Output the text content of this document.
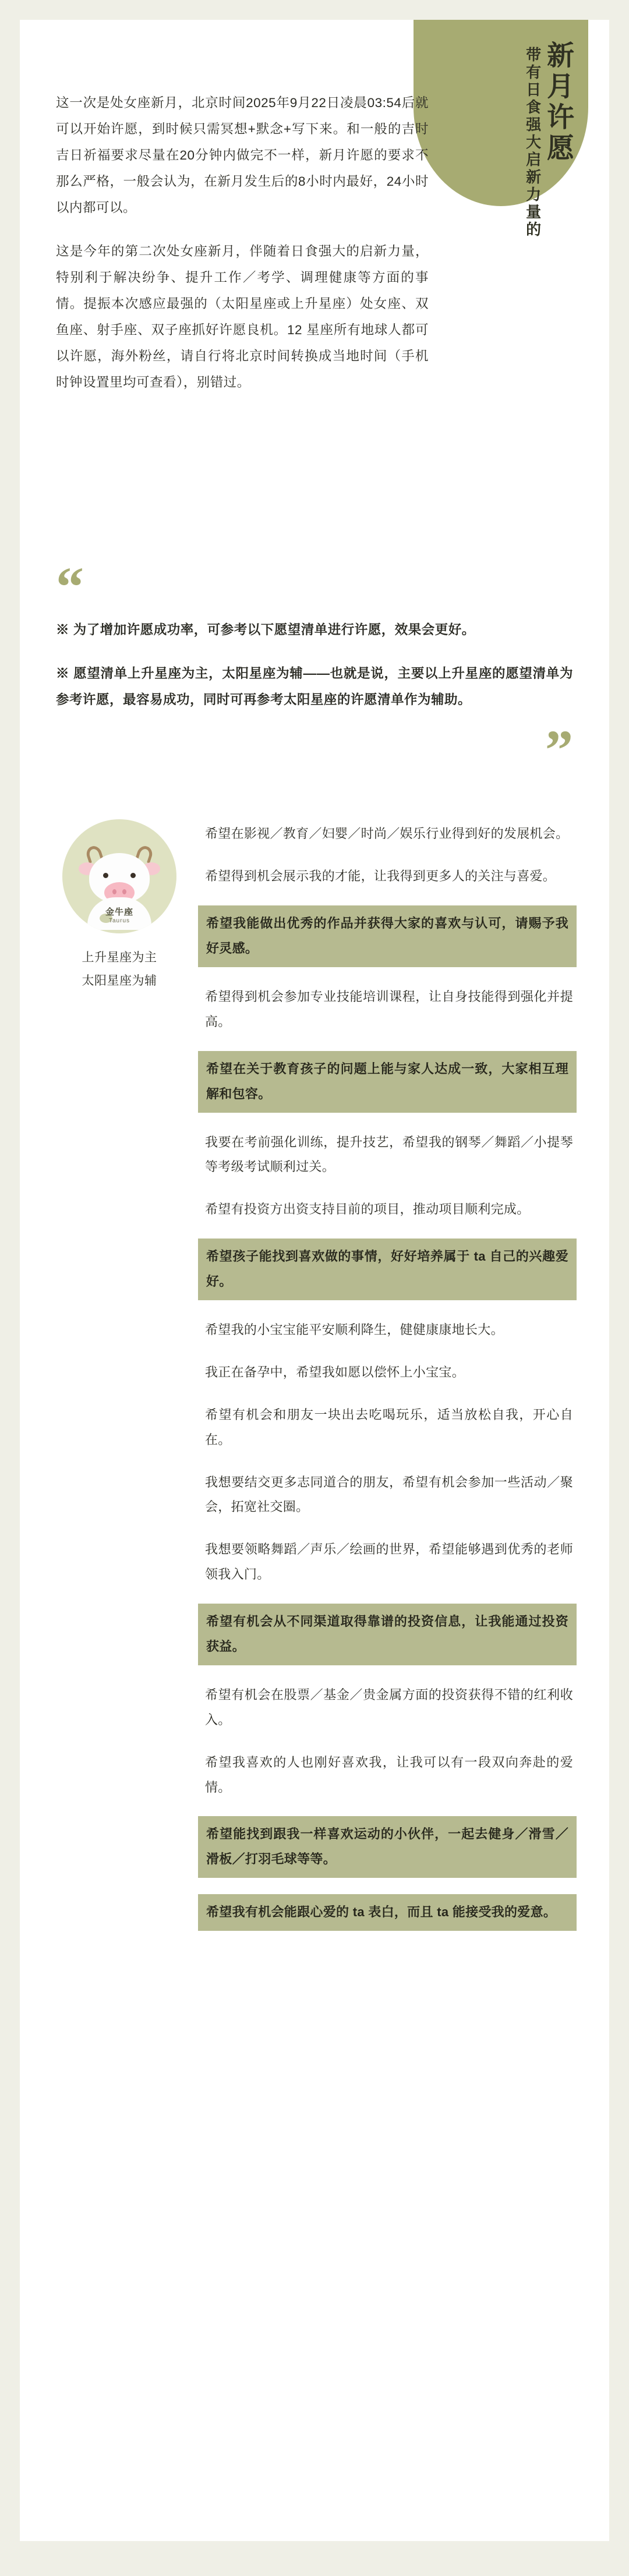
新月许愿
带有日食强大启新力量的

这一次是处女座新月，北京时间2025年9月22日凌晨03:54后就可以开始许愿，到时候只需冥想+默念+写下来。和一般的吉时吉日祈福要求尽量在20分钟内做完不一样，新月许愿的要求不那么严格，一般会认为，在新月发生后的8小时内最好，24小时以内都可以。

这是今年的第二次处女座新月，伴随着日食强大的启新力量，特别利于解决纷争、提升工作／考学、调理健康等方面的事情。提振本次感应最强的（太阳星座或上升星座）处女座、双鱼座、射手座、双子座抓好许愿良机。12 星座所有地球人都可以许愿，海外粉丝，请自行将北京时间转换成当地时间（手机时钟设置里均可查看），别错过。

“

※ 为了增加许愿成功率，可参考以下愿望清单进行许愿，效果会更好。

※ 愿望清单上升星座为主，太阳星座为辅——也就是说，主要以上升星座的愿望清单为参考许愿，最容易成功，同时可再参考太阳星座的许愿清单作为辅助。

”
金牛座
Taurus
上升星座为主
太阳星座为辅
希望在影视／教育／妇婴／时尚／娱乐行业得到好的发展机会。
希望得到机会展示我的才能，让我得到更多人的关注与喜爱。
希望我能做出优秀的作品并获得大家的喜欢与认可，请赐予我好灵感。
希望得到机会参加专业技能培训课程，让自身技能得到强化并提高。
希望在关于教育孩子的问题上能与家人达成一致，大家相互理解和包容。
我要在考前强化训练，提升技艺，希望我的钢琴／舞蹈／小提琴等考级考试顺利过关。
希望有投资方出资支持目前的项目，推动项目顺利完成。
希望孩子能找到喜欢做的事情，好好培养属于 ta 自己的兴趣爱好。
希望我的小宝宝能平安顺利降生，健健康康地长大。
我正在备孕中，希望我如愿以偿怀上小宝宝。
希望有机会和朋友一块出去吃喝玩乐，适当放松自我，开心自在。
我想要结交更多志同道合的朋友，希望有机会参加一些活动／聚会，拓宽社交圈。
我想要领略舞蹈／声乐／绘画的世界，希望能够遇到优秀的老师领我入门。
希望有机会从不同渠道取得靠谱的投资信息，让我能通过投资获益。
希望有机会在股票／基金／贵金属方面的投资获得不错的红利收入。
希望我喜欢的人也刚好喜欢我，让我可以有一段双向奔赴的爱情。
希望能找到跟我一样喜欢运动的小伙伴，一起去健身／滑雪／滑板／打羽毛球等等。
希望我有机会能跟心爱的 ta 表白，而且 ta 能接受我的爱意。
